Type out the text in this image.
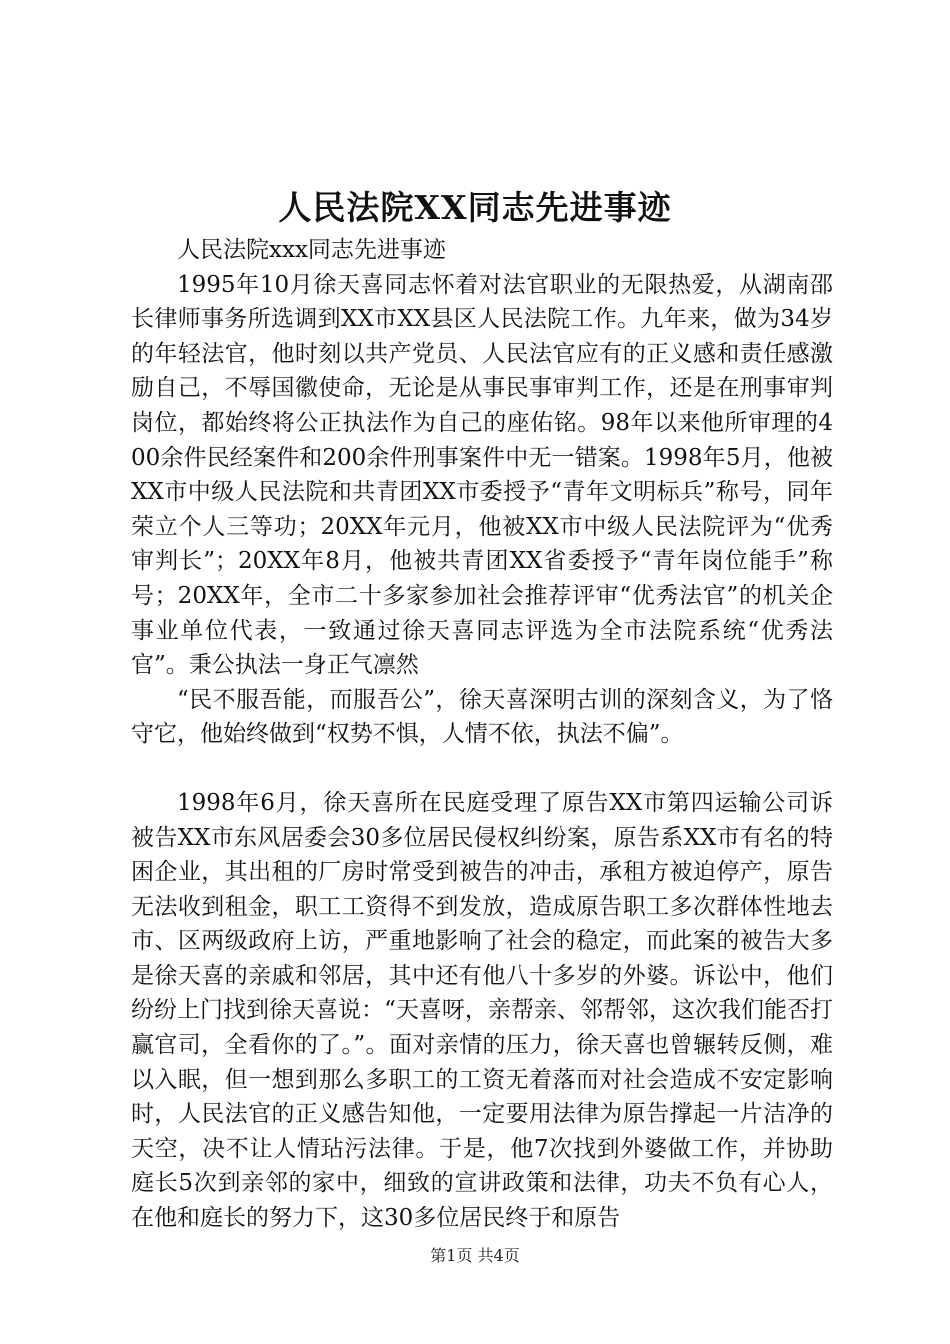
人民法院XX同志先进事迹

人民法院xxx同志先进事迹

1995年10月徐天喜同志怀着对法官职业的无限热爱，从湖南邵长律师事务所选调到XX市XX县区人民法院工作。九年来，做为34岁的年轻法官，他时刻以共产党员、人民法官应有的正义感和责任感激励自己，不辱国徽使命，无论是从事民事审判工作，还是在刑事审判岗位，都始终将公正执法作为自己的座佑铭。98年以来他所审理的400余件民经案件和200余件刑事案件中无一错案。1998年5月，他被XX市中级人民法院和共青团XX市委授予“青年文明标兵”称号，同年荣立个人三等功；20XX年元月，他被XX市中级人民法院评为“优秀审判长”；20XX年8月，他被共青团XX省委授予“青年岗位能手”称号；20XX年，全市二十多家参加社会推荐评审“优秀法官”的机关企事业单位代表，一致通过徐天喜同志评选为全市法院系统“优秀法官”。秉公执法一身正气凛然

“民不服吾能，而服吾公”，徐天喜深明古训的深刻含义，为了恪守它，他始终做到“权势不惧，人情不依，执法不偏”。

1998年6月，徐天喜所在民庭受理了原告XX市第四运输公司诉被告XX市东风居委会30多位居民侵权纠纷案，原告系XX市有名的特困企业，其出租的厂房时常受到被告的冲击，承租方被迫停产，原告无法收到租金，职工工资得不到发放，造成原告职工多次群体性地去市、区两级政府上访，严重地影响了社会的稳定，而此案的被告大多是徐天喜的亲戚和邻居，其中还有他八十多岁的外婆。诉讼中，他们纷纷上门找到徐天喜说：“天喜呀，亲帮亲、邻帮邻，这次我们能否打赢官司，全看你的了。”。面对亲情的压力，徐天喜也曾辗转反侧，难以入眠，但一想到那么多职工的工资无着落而对社会造成不安定影响时，人民法官的正义感告知他，一定要用法律为原告撑起一片洁净的天空，决不让人情玷污法律。于是，他7次找到外婆做工作，并协助庭长5次到亲邻的家中，细致的宣讲政策和法律，功夫不负有心人，在他和庭长的努力下，这30多位居民终于和原告

第1页 共4页
